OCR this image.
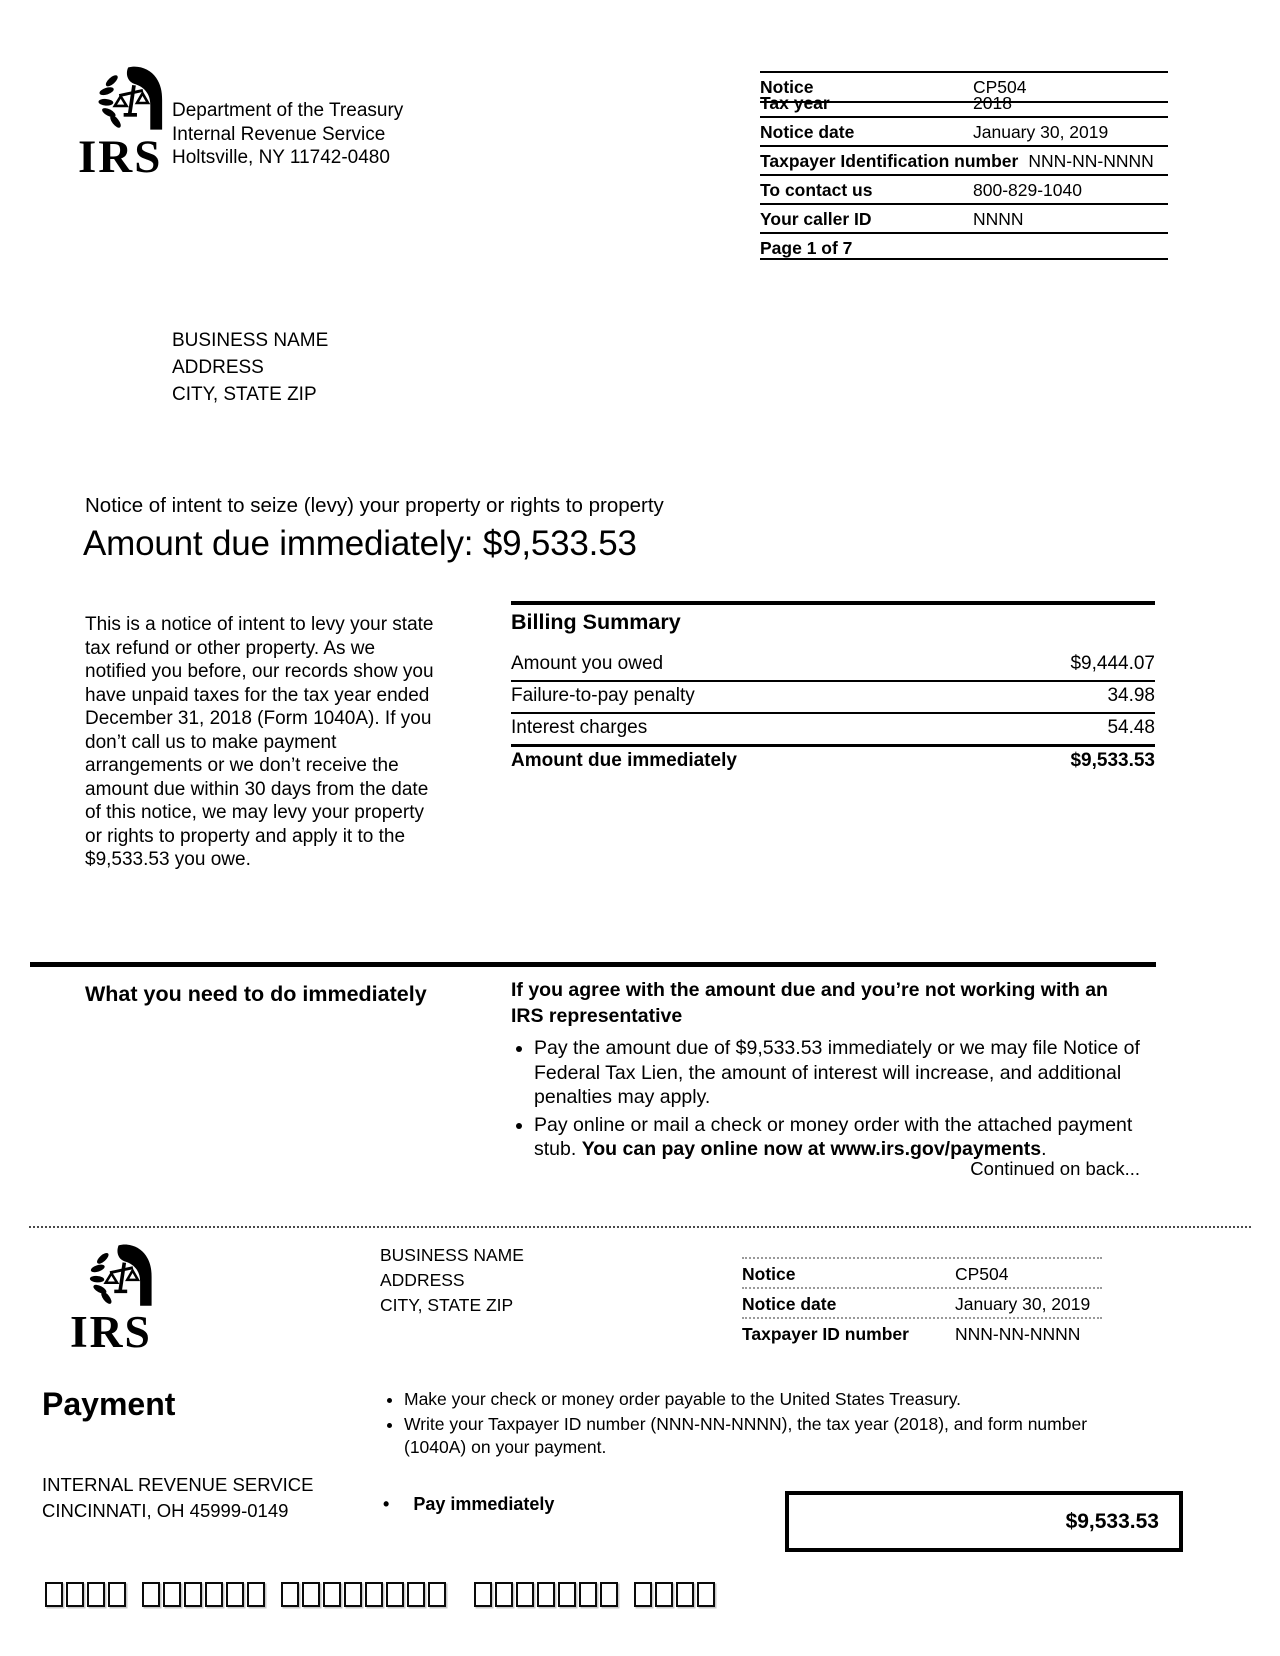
IRS
Department of the Treasury
Internal Revenue Service
Holtsville, NY 11742-0480
Notice	CP504
Tax year	2018
Notice date	January 30, 2019
Taxpayer Identification number NNN-NN-NNNN
To contact us	800-829-1040
Your caller ID	NNNN
Page 1 of 7
BUSINESS NAME
ADDRESS
CITY, STATE ZIP
Notice of intent to seize (levy) your property or rights to property
Amount due immediately: $9,533.53
This is a notice of intent to levy your state tax refund or other property. As we notified you before, our records show you have unpaid taxes for the tax year ended December 31, 2018 (Form 1040A). If you don’t call us to make payment arrangements or we don’t receive the amount due within 30 days from the date of this notice, we may levy your property or rights to property and apply it to the $9,533.53 you owe.
Billing Summary
Amount you owed	$9,444.07
Failure-to-pay penalty	34.98
Interest charges	54.48
Amount due immediately	$9,533.53
What you need to do immediately	If you agree with the amount due and you’re not working with an IRS representative
• Pay the amount due of $9,533.53 immediately or we may file Notice of Federal Tax Lien, the amount of interest will increase, and additional penalties may apply.
• Pay online or mail a check or money order with the attached payment stub. You can pay online now at www.irs.gov/payments.
Continued on back...
IRS
BUSINESS NAME
ADDRESS
CITY, STATE ZIP
Notice	CP504
Notice date	January 30, 2019
Taxpayer ID number	NNN-NN-NNNN
Payment	• Make your check or money order payable to the United States Treasury.
• Write your Taxpayer ID number (NNN-NN-NNNN), the tax year (2018), and form number (1040A) on your payment.
INTERNAL REVENUE SERVICE
CINCINNATI, OH 45999-0149	• Pay immediately
$9,533.53
